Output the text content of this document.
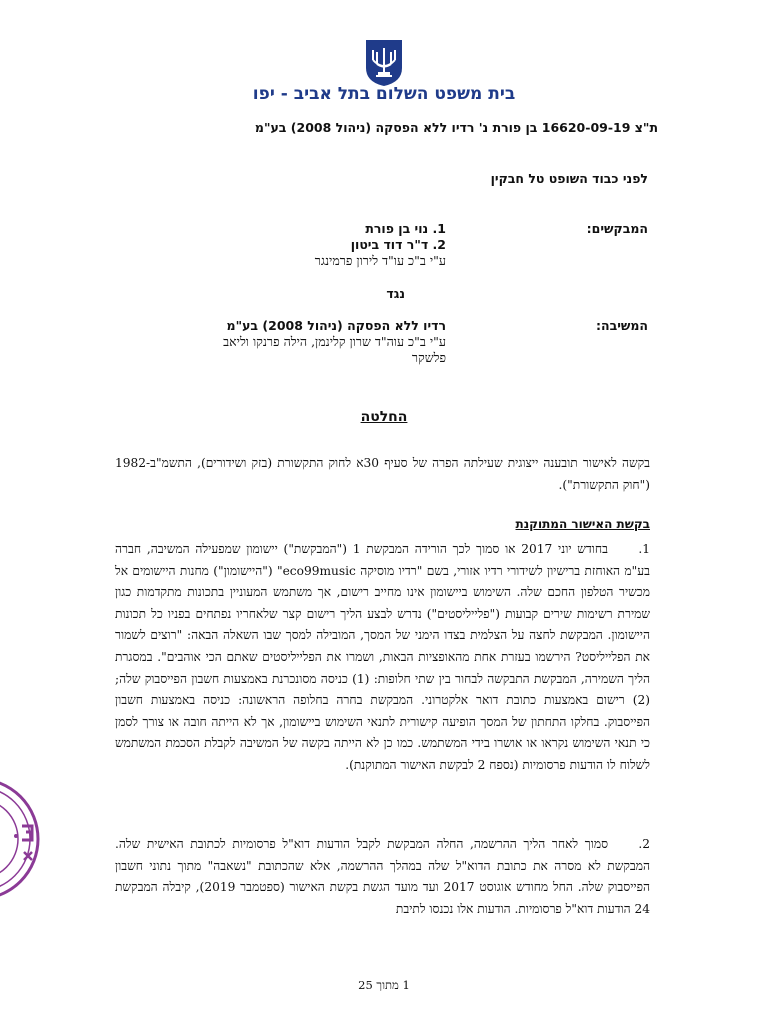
בית משפט השלום בתל אביב - יפו
ת"צ 16620-09-19 בן פורת נ' רדיו ללא הפסקה (ניהול 2008) בע"מ
לפני כבוד השופט טל חבקין
המבקשים:
1. נוי בן פורת
2. ד"ר דוד ביטון
ע"י ב"כ עו"ד לירון פרמינגר
נגד
המשיבה:
רדיו ללא הפסקה (ניהול 2008) בע"מ
ע"י ב"כ עוה"ד שרון קלינמן, הילה פרנקו וליאב
פלשקר
החלטה
בקשה לאישור תובענה ייצוגית שעילתה הפרה של סעיף 30א לחוק התקשורת (בזק ושידורים), התשמ"ב-1982 ("חוק התקשורת").
בקשת האישור המתוקנת
1.בחודש יוני 2017 או סמוך לכך הורידה המבקשת 1 ("המבקשת") יישומון שמפעילה המשיבה, חברה בע"מ האוחזת ברישיון לשידורי רדיו אזורי, בשם "רדיו מוסיקה eco99music" ("היישומון") מחנות היישומים אל מכשיר הטלפון החכם שלה. השימוש ביישומון אינו מחייב רישום, אך משתמש המעוניין בתכונות מתקדמות כגון שמירת רשימות שירים קבועות ("פלייליסטים") נדרש לבצע הליך רישום קצר שלאחריו נפתחים בפניו כל תכונות היישומון. המבקשת לחצה על הצלמית בצדו הימני של המסך, המובילה למסך שבו השאלה הבאה: "רוצים לשמור את הפלייליסט? הירשמו בעזרת אחת מהאופציות הבאות, ושמרו את הפלייליסטים שאתם הכי אוהבים". במסגרת הליך השמירה, המבקשת התבקשה לבחור בין שתי חלופות: (1) כניסה מסונכרנת באמצעות חשבון הפייסבוק שלה; (2) רישום באמצעות כתובת דואר אלקטרוני. המבקשת בחרה בחלופה הראשונה: כניסה באמצעות חשבון הפייסבוק. בחלקו התחתון של המסך הופיעה קישורית לתנאי השימוש ביישומון, אך לא הייתה חובה או צורך לסמן כי תנאי השימוש נקראו או אושרו בידי המשתמש. כמו כן לא הייתה בקשה של המשיבה לקבלת הסכמת המשתמש לשלוח לו הודעות פרסומיות (נספח 2 לבקשת האישור המתוקנת).
2.סמוך לאחר הליך ההרשמה, החלה המבקשת לקבל הודעות דוא"ל פרסומיות לכתובת האישית שלה. המבקשת לא מסרה את כתובת הדוא"ל שלה במהלך ההרשמה, אלא שהכתובת "נשאבה" מתוך נתוני חשבון הפייסבוק שלה. החל מחודש אוגוסט 2017 ועד מועד הגשת בקשת האישור (ספטמבר 2019), קיבלה המבקשת 24 הודעות דוא"ל פרסומיות. הודעות אלו נכנסו לתיבת
1 מתוך 25
